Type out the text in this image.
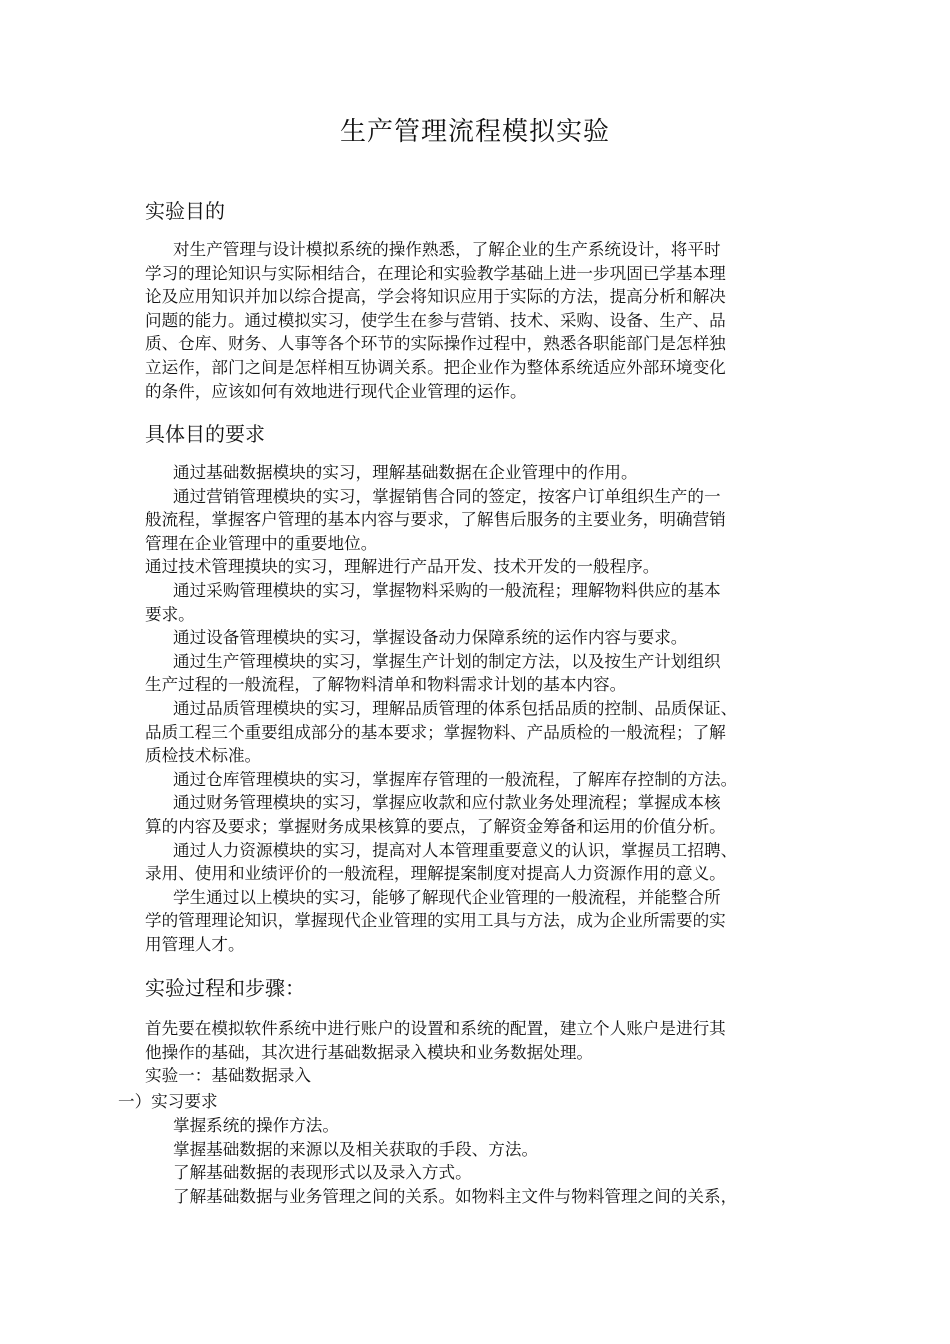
生产管理流程模拟实验
实验目的
对生产管理与设计模拟系统的操作熟悉，了解企业的生产系统设计，将平时
学习的理论知识与实际相结合，在理论和实验教学基础上进一步巩固已学基本理
论及应用知识并加以综合提高，学会将知识应用于实际的方法，提高分析和解决
问题的能力。通过模拟实习，使学生在参与营销、技术、采购、设备、生产、品
质、仓库、财务、人事等各个环节的实际操作过程中，熟悉各职能部门是怎样独
立运作，部门之间是怎样相互协调关系。把企业作为整体系统适应外部环境变化
的条件，应该如何有效地进行现代企业管理的运作。
具体目的要求
通过基础数据模块的实习，理解基础数据在企业管理中的作用。
通过营销管理模块的实习，掌握销售合同的签定，按客户订单组织生产的一
般流程，掌握客户管理的基本内容与要求，了解售后服务的主要业务，明确营销
管理在企业管理中的重要地位。
通过技术管理摸块的实习，理解进行产品开发、技术开发的一般程序。
通过采购管理模块的实习，掌握物料采购的一般流程；理解物料供应的基本
要求。
通过设备管理模块的实习，掌握设备动力保障系统的运作内容与要求。
通过生产管理模块的实习，掌握生产计划的制定方法，以及按生产计划组织
生产过程的一般流程，了解物料清单和物料需求计划的基本内容。
通过品质管理模块的实习，理解品质管理的体系包括品质的控制、品质保证、
品质工程三个重要组成部分的基本要求；掌握物料、产品质检的一般流程；了解
质检技术标准。
通过仓库管理模块的实习，掌握库存管理的一般流程，了解库存控制的方法。
通过财务管理模块的实习，掌握应收款和应付款业务处理流程；掌握成本核
算的内容及要求；掌握财务成果核算的要点，了解资金筹备和运用的价值分析。
通过人力资源模块的实习，提高对人本管理重要意义的认识，掌握员工招聘、
录用、使用和业绩评价的一般流程，理解提案制度对提高人力资源作用的意义。
学生通过以上模块的实习，能够了解现代企业管理的一般流程，并能整合所
学的管理理论知识，掌握现代企业管理的实用工具与方法，成为企业所需要的实
用管理人才。
实验过程和步骤：
首先要在模拟软件系统中进行账户的设置和系统的配置，建立个人账户是进行其
他操作的基础，其次进行基础数据录入模块和业务数据处理。
实验一：基础数据录入
一）实习要求
掌握系统的操作方法。
掌握基础数据的来源以及相关获取的手段、方法。
了解基础数据的表现形式以及录入方式。
了解基础数据与业务管理之间的关系。如物料主文件与物料管理之间的关系，
